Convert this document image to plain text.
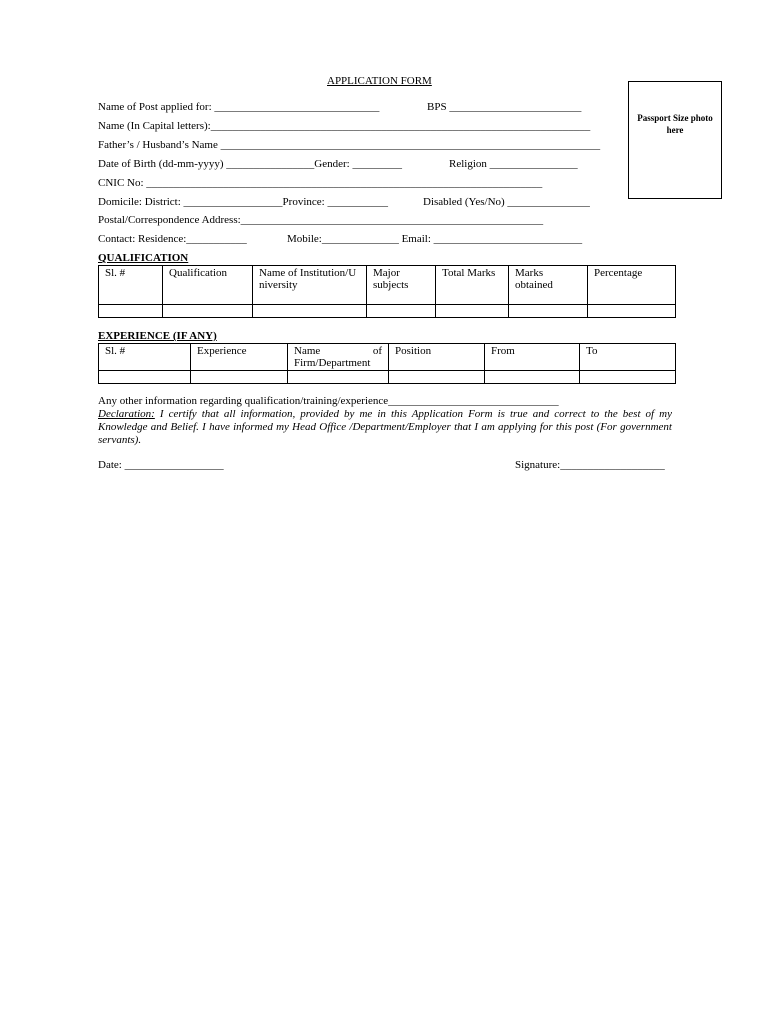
APPLICATION FORM
Passport Size photo here
Name of Post applied for: ______________________________	BPS ________________________
Name (In Capital letters):_____________________________________________________________________
Father’s / Husband’s Name _____________________________________________________________________
Date of Birth (dd-mm-yyyy) ________________Gender: _________	Religion ________________
CNIC No: ________________________________________________________________________
Domicile: District: __________________Province: ___________	Disabled (Yes/No) _______________
Postal/Correspondence Address:_______________________________________________________
Contact: Residence:___________	Mobile:______________ Email: ___________________________
QUALIFICATION
Sl. #	Qualification	Name of Institution/University	Major subjects	Total Marks	Marks obtained	Percentage

EXPERIENCE (IF ANY)
Sl. #	Experience	Name of Firm/Department	Position	From	To

Any other information regarding qualification/training/experience_______________________________
Declaration: I certify that all information, provided by me in this Application Form is true and correct to the best of my Knowledge and Belief. I have informed my Head Office /Department/Employer that I am applying for this post (For government servants).
Date: __________________	Signature:___________________
